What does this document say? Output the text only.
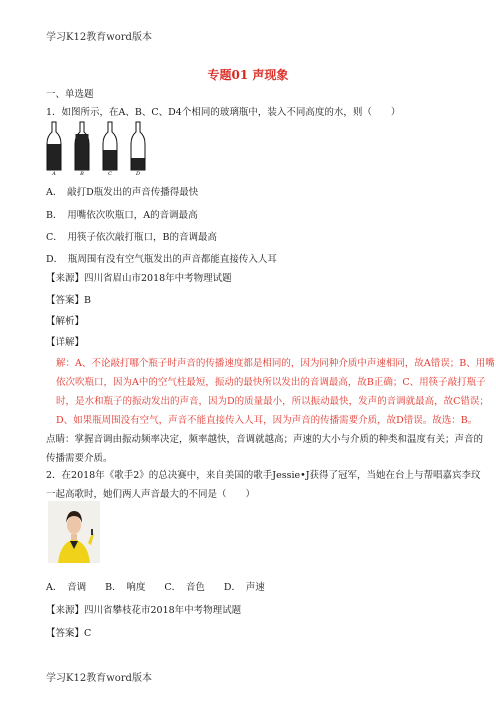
学习K12教育word版本
专题01 声现象
一、单选题
1．如图所示，在A、B、C、D4个相同的玻璃瓶中，装入不同高度的水，则（　　）
A	B	C	D
A．　敲打D瓶发出的声音传播得最快
B．　用嘴依次吹瓶口，A的音调最高
C．　用筷子依次敲打瓶口，B的音调最高
D．　瓶周围有没有空气瓶发出的声音都能直接传入人耳
【来源】四川省眉山市2018年中考物理试题
【答案】B
【解析】
【详解】
解：A、不论敲打哪个瓶子时声音的传播速度都是相同的，因为同种介质中声速相同，故A错误；B、用嘴
依次吹瓶口，因为A中的空气柱最短，振动的最快所以发出的音调最高，故B正确；C、用筷子敲打瓶子
时，是水和瓶子的振动发出的声音，因为D的质量最小，所以振动最快，发声的音调就最高，故C错误；
D、如果瓶周围没有空气，声音不能直接传入人耳，因为声音的传播需要介质，故D错误。故选：B。
点睛：掌握音调由振动频率决定，频率越快，音调就越高；声速的大小与介质的种类和温度有关；声音的
传播需要介质。
2．在2018年《歌手2》的总决赛中，来自美国的歌手Jessie•J获得了冠军，当她在台上与帮唱嘉宾李玟
一起高歌时，她们两人声音最大的不同是（　　）
A．　音调　　B．　响度　　C．　音色　　D．　声速
【来源】四川省攀枝花市2018年中考物理试题
【答案】C
学习K12教育word版本
